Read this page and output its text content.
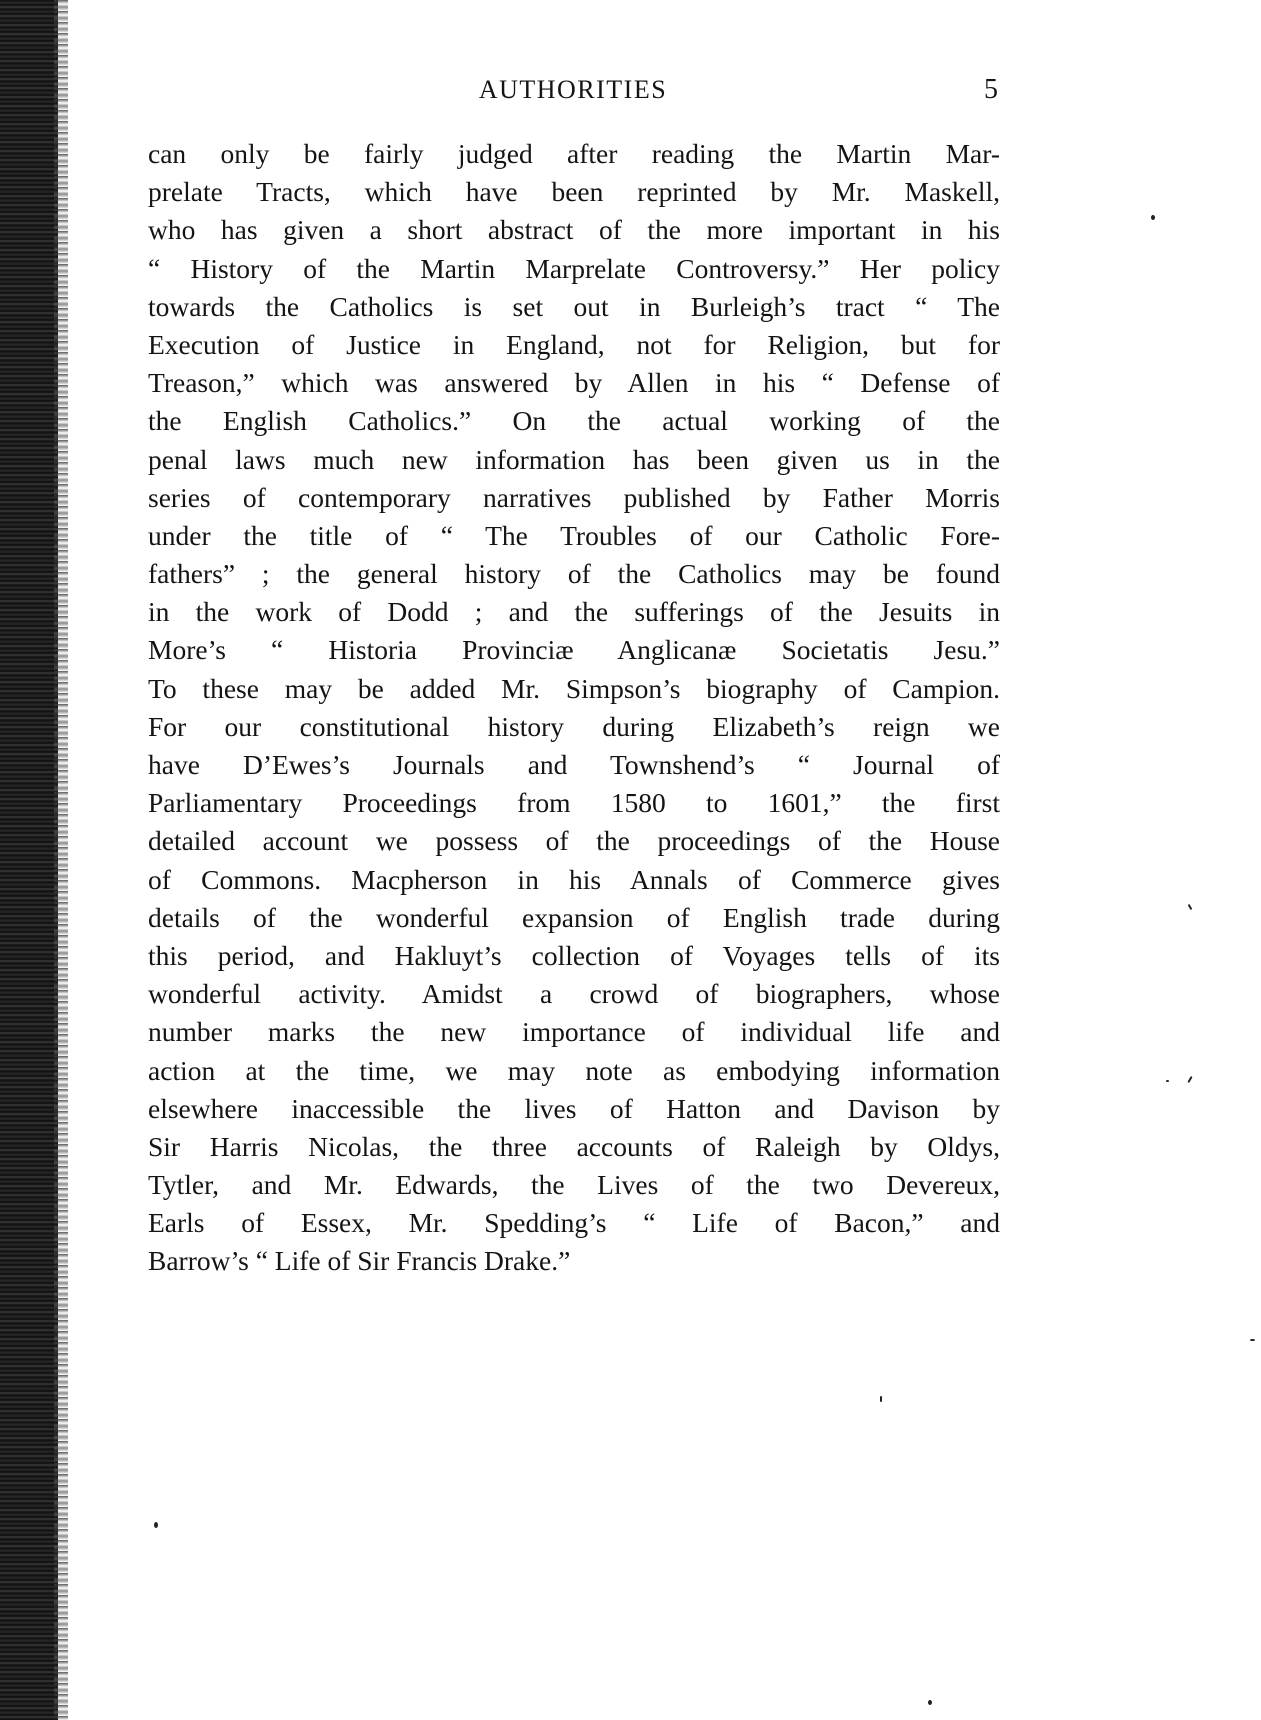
AUTHORITIES	5
can only be fairly judged after reading the Martin Mar-
prelate Tracts, which have been reprinted by Mr. Maskell,
who has given a short abstract of the more important in his
“ History of the Martin Marprelate Controversy.” Her policy
towards the Catholics is set out in Burleigh’s tract “ The
Execution of Justice in England, not for Religion, but for
Treason,” which was answered by Allen in his “ Defense of
the English Catholics.” On the actual working of the
penal laws much new information has been given us in the
series of contemporary narratives published by Father Morris
under the title of “ The Troubles of our Catholic Fore-
fathers” ; the general history of the Catholics may be found
in the work of Dodd ; and the sufferings of the Jesuits in
More’s “ Historia Provinciæ Anglicanæ Societatis Jesu.”
To these may be added Mr. Simpson’s biography of Campion.
For our constitutional history during Elizabeth’s reign we
have D’Ewes’s Journals and Townshend’s “ Journal of
Parliamentary Proceedings from 1580 to 1601,” the first
detailed account we possess of the proceedings of the House
of Commons. Macpherson in his Annals of Commerce gives
details of the wonderful expansion of English trade during
this period, and Hakluyt’s collection of Voyages tells of its
wonderful activity. Amidst a crowd of biographers, whose
number marks the new importance of individual life and
action at the time, we may note as embodying information
elsewhere inaccessible the lives of Hatton and Davison by
Sir Harris Nicolas, the three accounts of Raleigh by Oldys,
Tytler, and Mr. Edwards, the Lives of the two Devereux,
Earls of Essex, Mr. Spedding’s “ Life of Bacon,” and
Barrow’s “ Life of Sir Francis Drake.”
